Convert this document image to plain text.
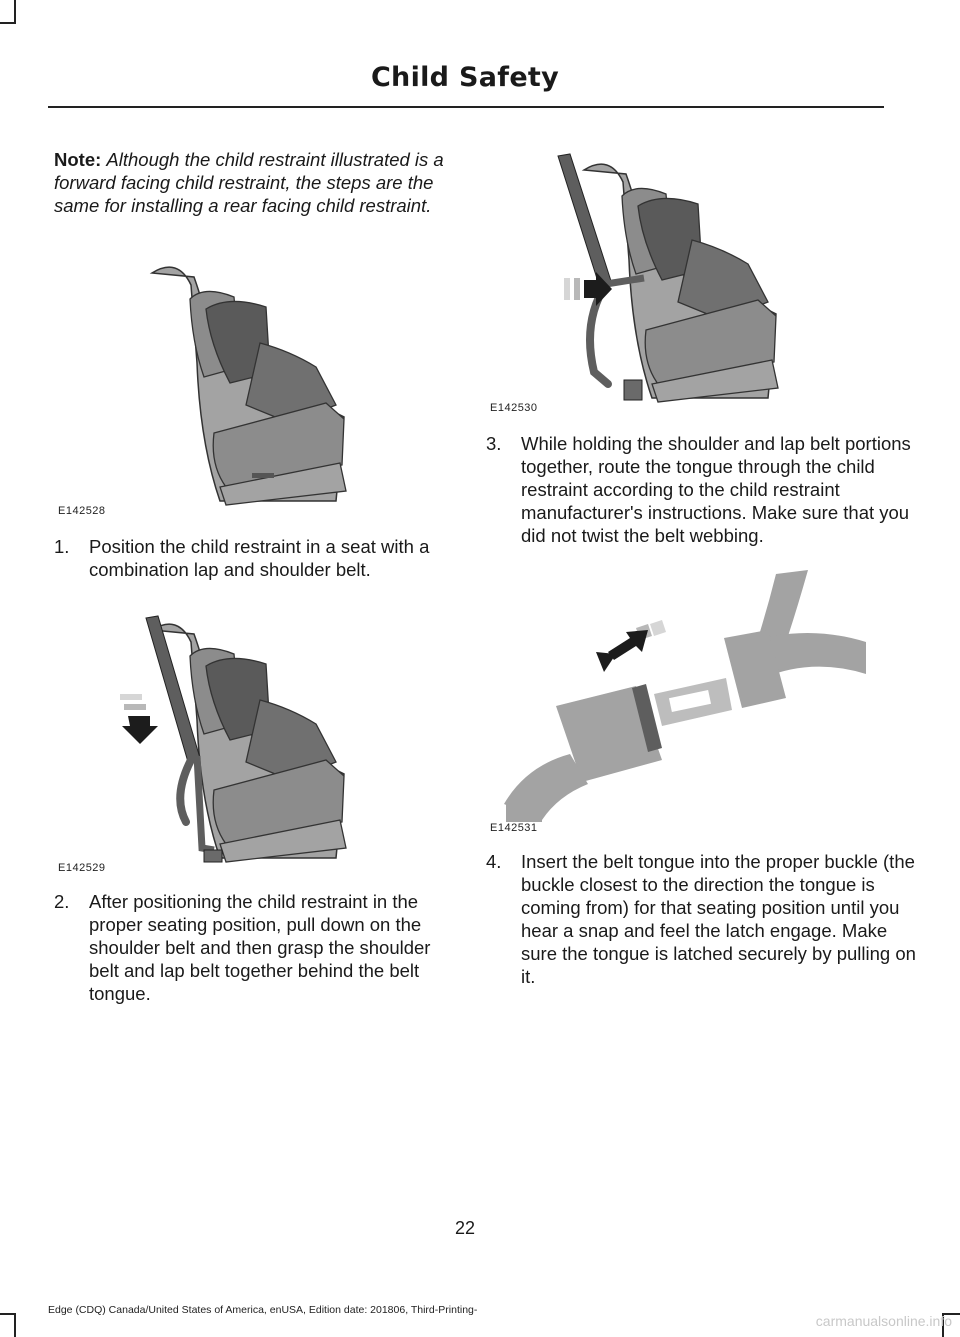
Child Safety
Note: Although the child restraint illustrated is a forward facing child restraint, the steps are the same for installing a rear facing child restraint.
E142528
1. Position the child restraint in a seat with a combination lap and shoulder belt.
E142529
2. After positioning the child restraint in the proper seating position, pull down on the shoulder belt and then grasp the shoulder belt and lap belt together behind the belt tongue.
E142530
3. While holding the shoulder and lap belt portions together, route the tongue through the child restraint according to the child restraint manufacturer's instructions. Make sure that you did not twist the belt webbing.
E142531
4. Insert the belt tongue into the proper buckle (the buckle closest to the direction the tongue is coming from) for that seating position until you hear a snap and feel the latch engage. Make sure the tongue is latched securely by pulling on it.
22
Edge (CDQ) Canada/United States of America, enUSA, Edition date: 201806, Third-Printing-
carmanualsonline.info
